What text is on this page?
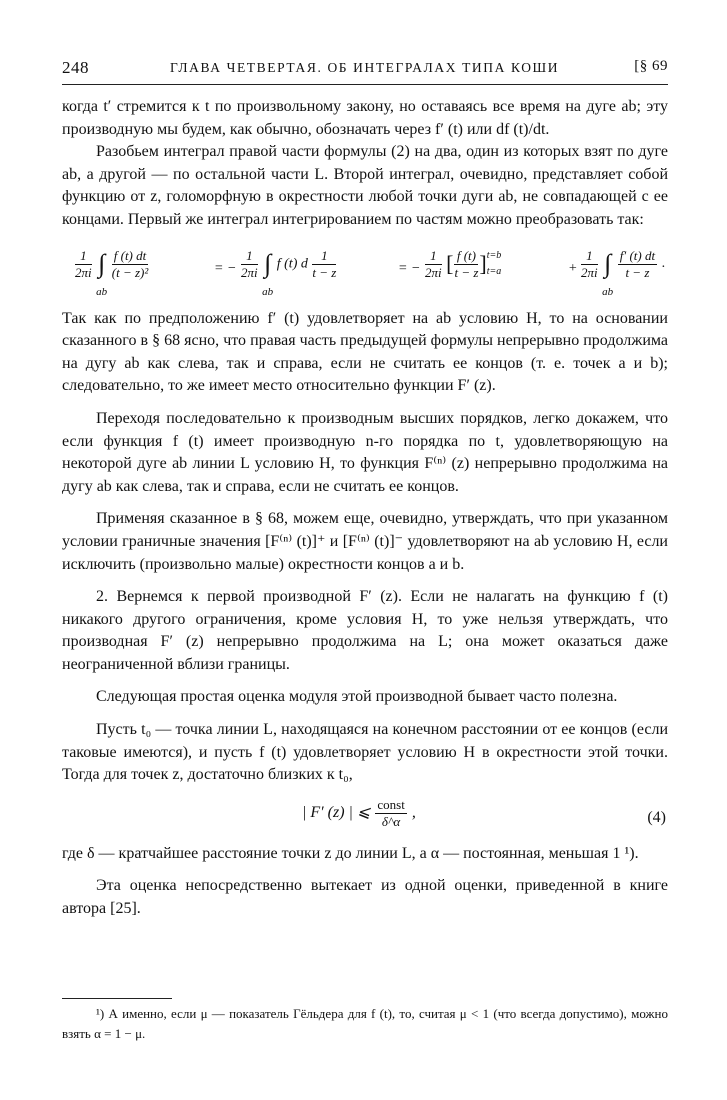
248	ГЛАВА ЧЕТВЕРТАЯ. ОБ ИНТЕГРАЛАХ ТИПА КОШИ	[§ 69

когда t′ стремится к t по произвольному закону, но оставаясь все время на дуге ab; эту производную мы будем, как обычно, обозначать через f′ (t) или df (t)/dt.

Разобьем интеграл правой части формулы (2) на два, один из которых взят по дуге ab, а другой — по остальной части L. Второй интеграл, очевидно, представляет собой функцию от z, голоморфную в окрестности любой точки дуги ab, не совпадающей с ее концами. Первый же интеграл интегрированием по частям можно преобразовать так:

$\frac{1}{2\pi i}$ ∫
ab

$\frac{f (t) dt}{\text{(t − z)²}}$	= − $\frac{1}{2\pi i}$ ∫
ab
f (t) d $\frac{1}{t - z}$	= − $\frac{1}{2\pi i}$ [ $\frac{f (t)}{t - z}$ ] t=b
t=a	+ $\frac{1}{2\pi i}$ ∫
ab

$\frac{f' (t) dt}{t - z}$ .

Так как по предположению f′ (t) удовлетворяет на ab условию H, то на основании сказанного в § 68 ясно, что правая часть предыдущей формулы непрерывно продолжима на дугу ab как слева, так и справа, если не считать ее концов (т. е. точек a и b); следовательно, то же имеет место относительно функции F′ (z).

Переходя последовательно к производным высших порядков, легко докажем, что если функция f (t) имеет производную n-го порядка по t, удовлетворяющую на некоторой дуге ab линии L условию H, то функция F⁽ⁿ⁾ (z) непрерывно продолжима на дугу ab как слева, так и справа, если не считать ее концов.

Применяя сказанное в § 68, можем еще, очевидно, утверждать, что при указанном условии граничные значения [F⁽ⁿ⁾ (t)]⁺ и [F⁽ⁿ⁾ (t)]⁻ удовлетворяют на ab условию H, если исключить (произвольно малые) окрестности концов a и b.

2. Вернемся к первой производной F′ (z). Если не налагать на функцию f (t) никакого другого ограничения, кроме условия H, то уже нельзя утверждать, что производная F′ (z) непрерывно продолжима на L; она может оказаться даже неограниченной вблизи границы.

Следующая простая оценка модуля этой производной бывает часто полезна.

Пусть t₀ — точка линии L, находящаяся на конечном расстоянии от ее концов (если таковые имеются), и пусть f (t) удовлетворяет условию H в окрестности этой точки. Тогда для точек z, достаточно близких к t₀,

| F′ (z) | ⩽ $\frac{\text{const}}{\delta\^{}\alpha}$ ,	(4)

где δ — кратчайшее расстояние точки z до линии L, а α — постоянная, меньшая 1 ¹).

Эта оценка непосредственно вытекает из одной оценки, приведенной в книге автора [25].

¹) А именно, если μ — показатель Гёльдера для f (t), то, считая μ < 1 (что всегда допустимо), можно взять α = 1 − μ.
